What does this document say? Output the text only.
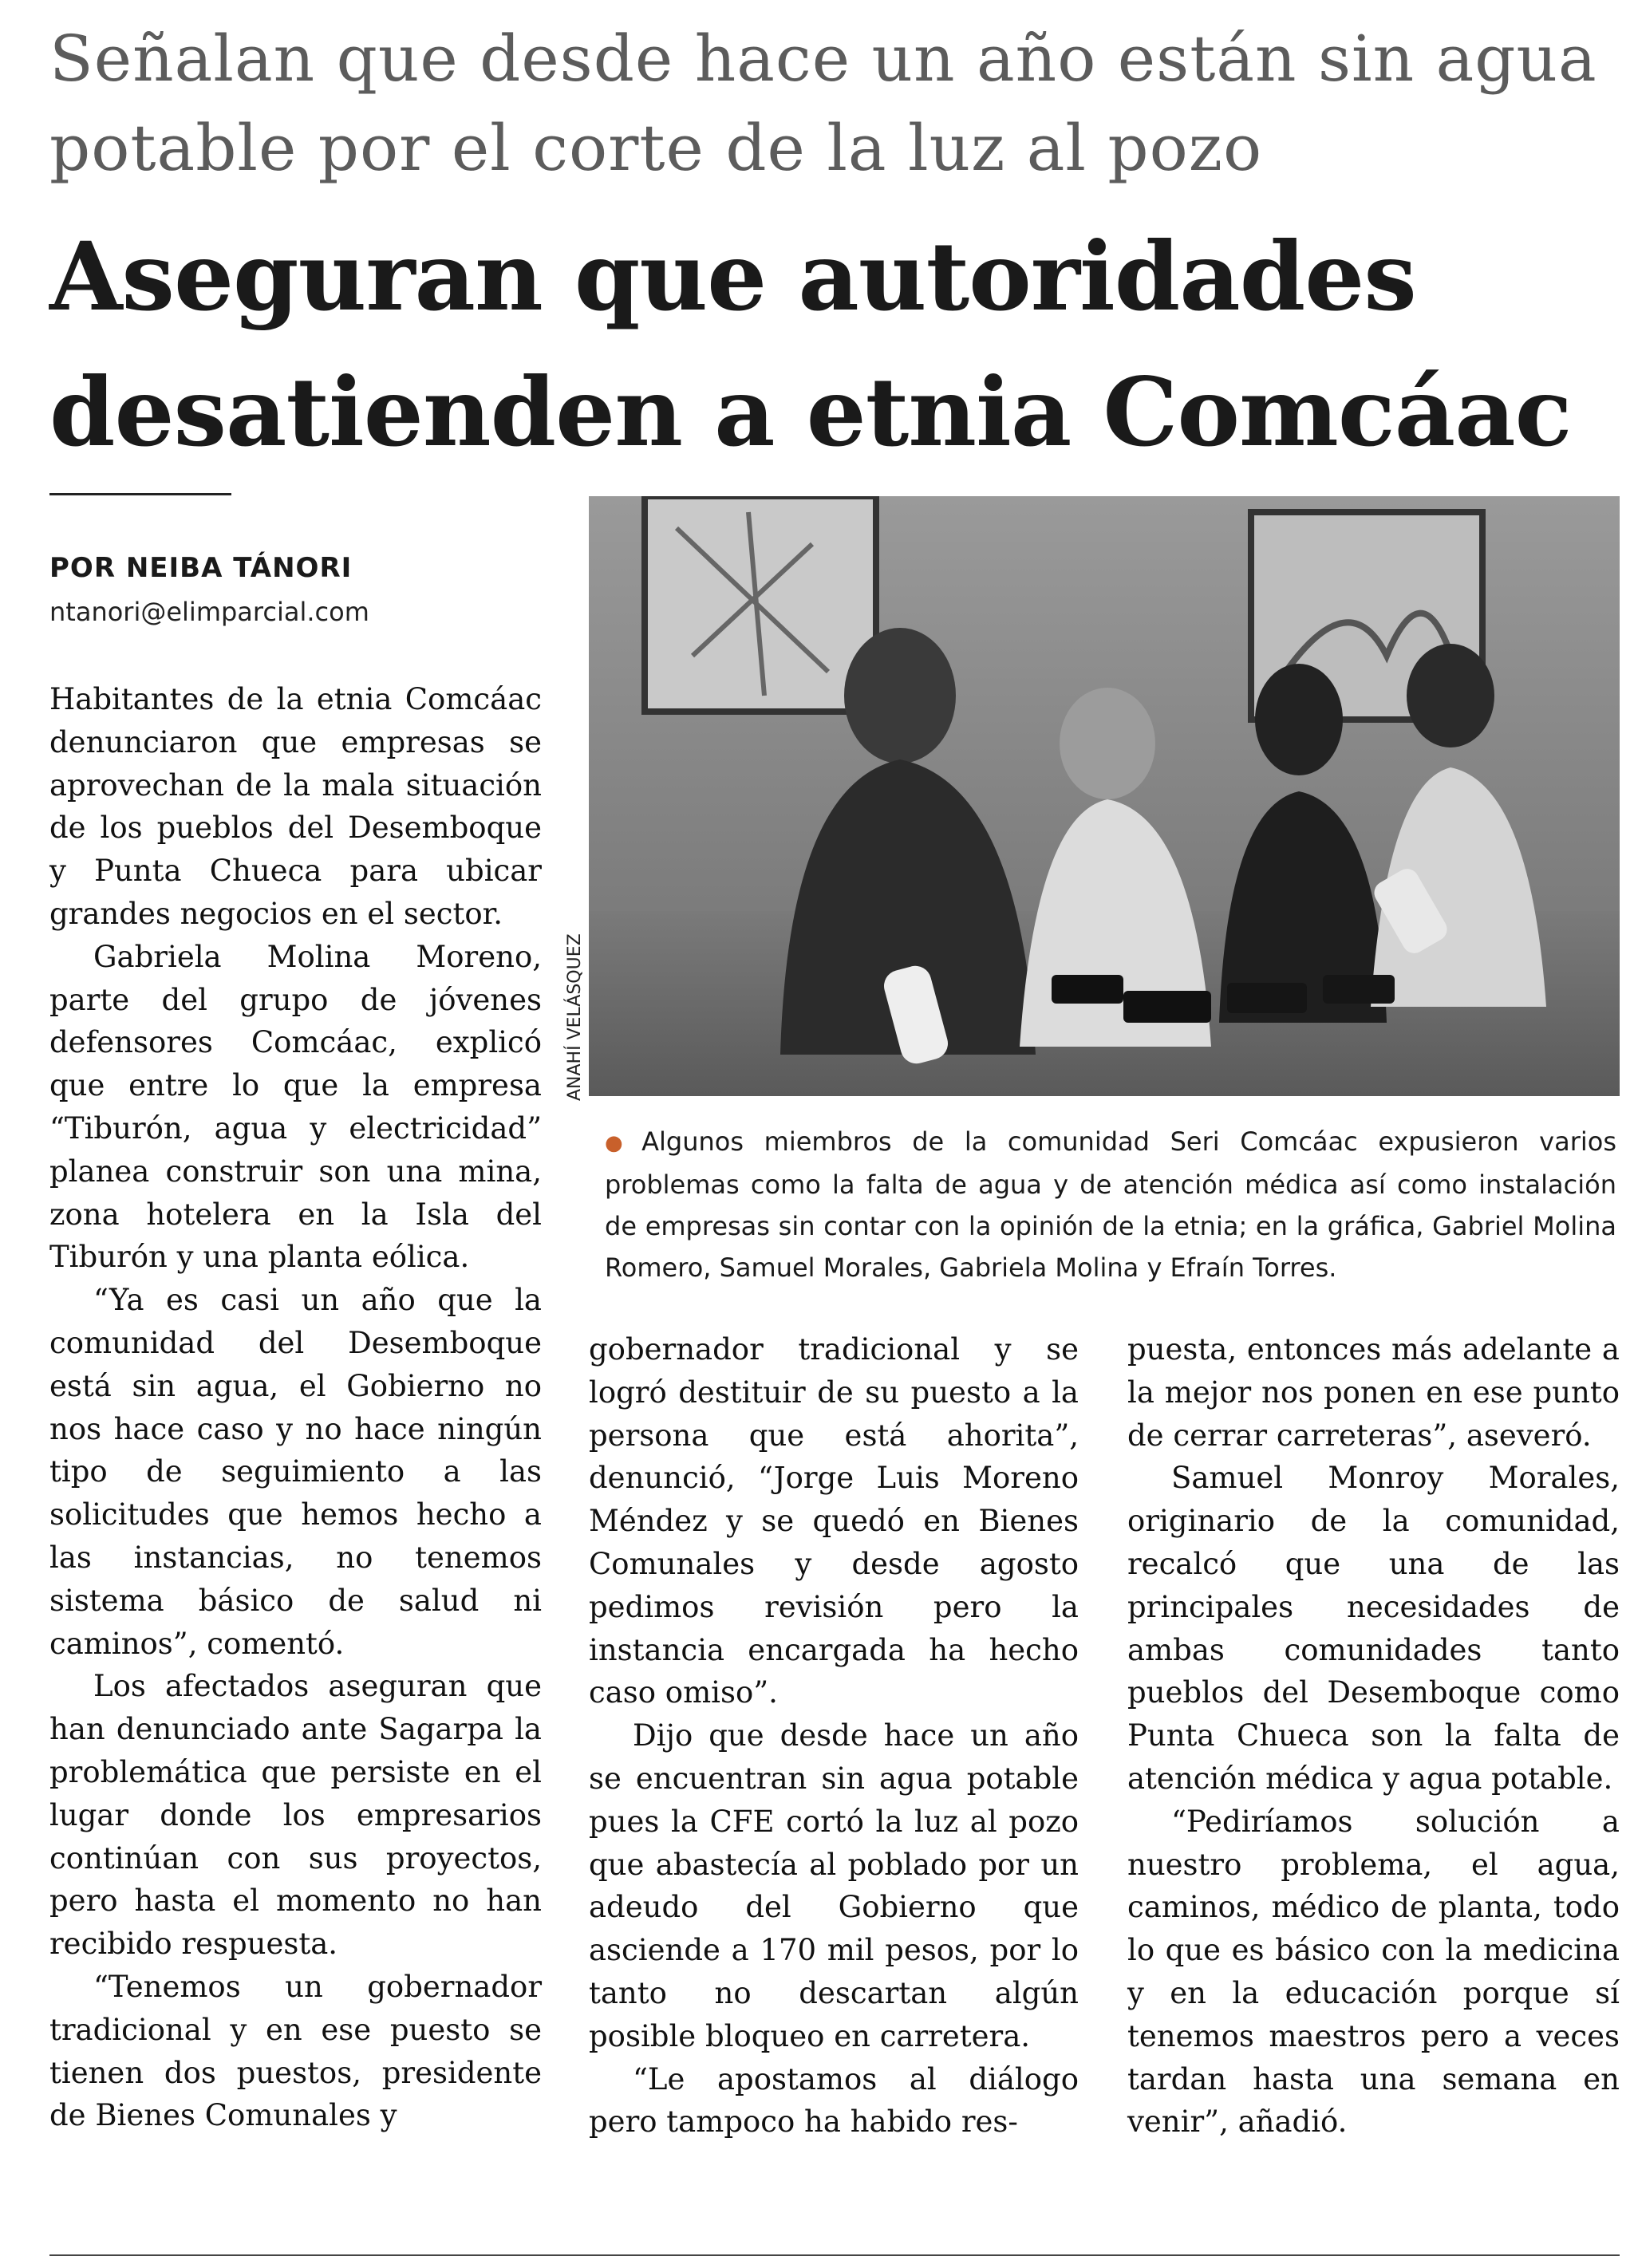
Señalan que desde hace un año están sin agua potable por el corte de la luz al pozo
Aseguran que autoridades desatienden a etnia Comcáac
POR NEIBA TÁNORI
ntanori@elimparcial.com

Habitantes de la etnia Comcáac denunciaron que empresas se aprovechan de la mala situación de los pueblos del Desemboque y Punta Chueca para ubicar grandes negocios en el sector.

Gabriela Molina Moreno, parte del grupo de jóvenes defensores Comcáac, explicó que entre lo que la empresa “Tiburón, agua y electricidad” planea construir son una mina, zona hotelera en la Isla del Tiburón y una planta eólica.

“Ya es casi un año que la comunidad del Desemboque está sin agua, el Gobierno no nos hace caso y no hace ningún tipo de seguimiento a las solicitudes que hemos hecho a las instancias, no tenemos sistema básico de salud ni caminos”, comentó.

Los afectados aseguran que han denunciado ante Sagarpa la problemática que persiste en el lugar donde los empresarios continúan con sus proyectos, pero hasta el momento no han recibido respuesta.

“Tenemos un gobernador tradicional y en ese puesto se tienen dos puestos, presidente de Bienes Comunales y

ANAHÍ VELÁSQUEZ
● Algunos miembros de la comunidad Seri Comcáac expusieron varios problemas como la falta de agua y de atención médica así como instalación de empresas sin contar con la opinión de la etnia; en la gráfica, Gabriel Molina Romero, Samuel Morales, Gabriela Molina y Efraín Torres.

gobernador tradicional y se logró destituir de su puesto a la persona que está ahorita”, denunció, “Jorge Luis Moreno Méndez y se quedó en Bienes Comunales y desde agosto pedimos revisión pero la instancia encargada ha hecho caso omiso”.

Dijo que desde hace un año se encuentran sin agua potable pues la CFE cortó la luz al pozo que abastecía al poblado por un adeudo del Gobierno que asciende a 170 mil pesos, por lo tanto no descartan algún posible bloqueo en carretera.

“Le apostamos al diálogo pero tampoco ha habido res-

puesta, entonces más adelante a la mejor nos ponen en ese punto de cerrar carreteras”, aseveró.

Samuel Monroy Morales, originario de la comunidad, recalcó que una de las principales necesidades de ambas comunidades tanto pueblos del Desemboque como Punta Chueca son la falta de atención médica y agua potable.

“Pediríamos solución a nuestro problema, el agua, caminos, médico de planta, todo lo que es básico con la medicina y en la educación porque sí tenemos maestros pero a veces tardan hasta una semana en venir”, añadió.
